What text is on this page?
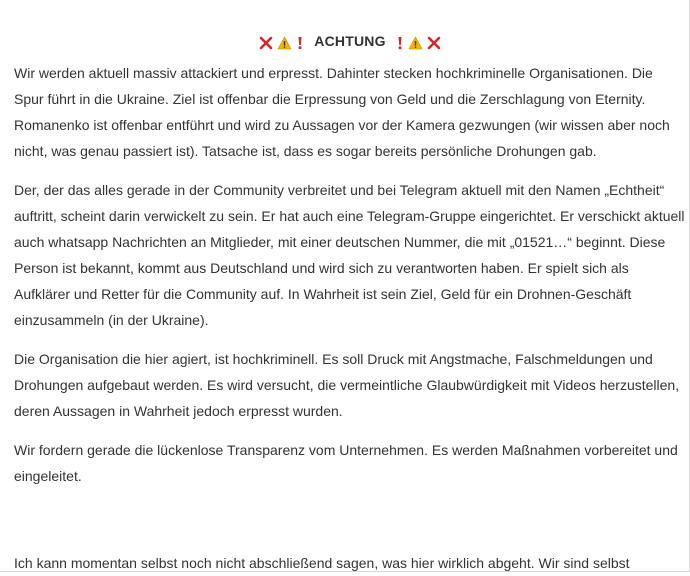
ACHTUNG

Wir werden aktuell massiv attackiert und erpresst. Dahinter stecken hochkriminelle Organisationen. Die Spur führt in die Ukraine. Ziel ist offenbar die Erpressung von Geld und die Zerschlagung von Eternity. Romanenko ist offenbar entführt und wird zu Aussagen vor der Kamera gezwungen (wir wissen aber noch nicht, was genau passiert ist). Tatsache ist, dass es sogar bereits persönliche Drohungen gab.

Der, der das alles gerade in der Community verbreitet und bei Telegram aktuell mit den Namen „Echtheit“ auftritt, scheint darin verwickelt zu sein. Er hat auch eine Telegram-Gruppe eingerichtet. Er verschickt aktuell auch whatsapp Nachrichten an Mitglieder, mit einer deutschen Nummer, die mit „01521…“ beginnt. Diese Person ist bekannt, kommt aus Deutschland und wird sich zu verantworten haben. Er spielt sich als Aufklärer und Retter für die Community auf. In Wahrheit ist sein Ziel, Geld für ein Drohnen-Geschäft einzusammeln (in der Ukraine).

Die Organisation die hier agiert, ist hochkriminell. Es soll Druck mit Angstmache, Falschmeldungen und Drohungen aufgebaut werden. Es wird versucht, die vermeintliche Glaubwürdigkeit mit Videos herzustellen, deren Aussagen in Wahrheit jedoch erpresst wurden.

Wir fordern gerade die lückenlose Transparenz vom Unternehmen. Es werden Maßnahmen vorbereitet und eingeleitet.

Ich kann momentan selbst noch nicht abschließend sagen, was hier wirklich abgeht. Wir sind selbst
